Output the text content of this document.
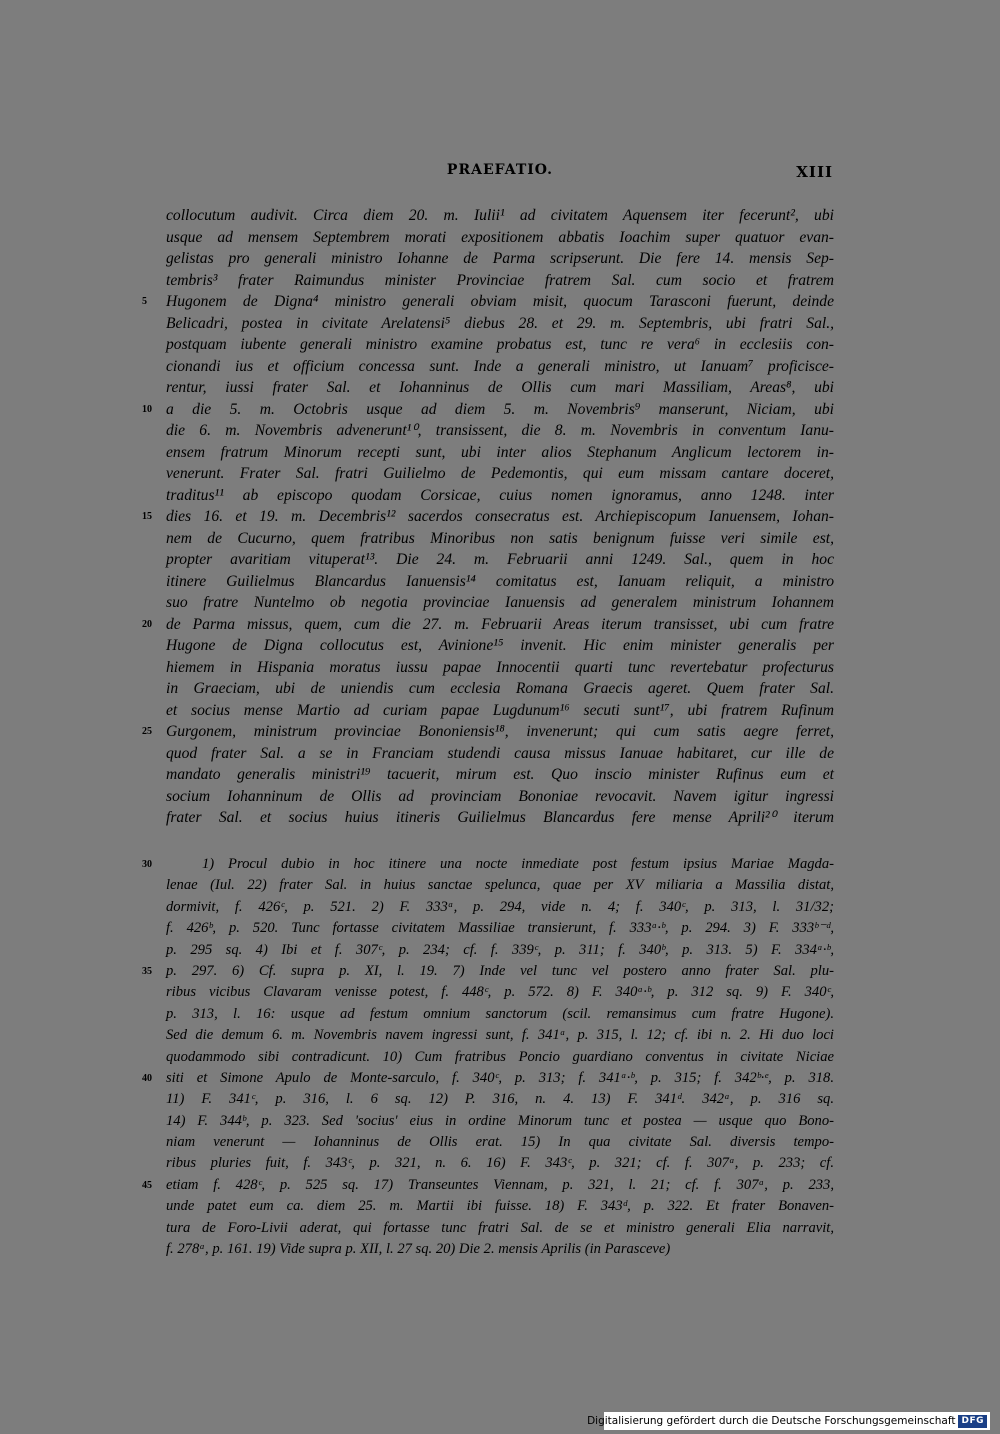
PRAEFATIO.	XIII
collocutum audivit. Circa diem 20. m. Iulii¹ ad civitatem Aquensem iter fecerunt², ubi
usque ad mensem Septembrem morati expositionem abbatis Ioachim super quatuor evan-
gelistas pro generali ministro Iohanne de Parma scripserunt. Die fere 14. mensis Sep-
tembris³ frater Raimundus minister Provinciae fratrem Sal. cum socio et fratrem
5 Hugonem de Digna⁴ ministro generali obviam misit, quocum Tarasconi fuerunt, deinde
Belicadri, postea in civitate Arelatensi⁵ diebus 28. et 29. m. Septembris, ubi fratri Sal.,
postquam iubente generali ministro examine probatus est, tunc re vera⁶ in ecclesiis con-
cionandi ius et officium concessa sunt. Inde a generali ministro, ut Ianuam⁷ proficisce-
rentur, iussi frater Sal. et Iohanninus de Ollis cum mari Massiliam, Areas⁸, ubi
10 a die 5. m. Octobris usque ad diem 5. m. Novembris⁹ manserunt, Niciam, ubi
die 6. m. Novembris advenerunt¹⁰, transissent, die 8. m. Novembris in conventum Ianu-
ensem fratrum Minorum recepti sunt, ubi inter alios Stephanum Anglicum lectorem in-
venerunt. Frater Sal. fratri Guilielmo de Pedemontis, qui eum missam cantare doceret,
traditus¹¹ ab episcopo quodam Corsicae, cuius nomen ignoramus, anno 1248. inter
15 dies 16. et 19. m. Decembris¹² sacerdos consecratus est. Archiepiscopum Ianuensem, Iohan-
nem de Cucurno, quem fratribus Minoribus non satis benignum fuisse veri simile est,
propter avaritiam vituperat¹³. Die 24. m. Februarii anni 1249. Sal., quem in hoc
itinere Guilielmus Blancardus Ianuensis¹⁴ comitatus est, Ianuam reliquit, a ministro
suo fratre Nuntelmo ob negotia provinciae Ianuensis ad generalem ministrum Iohannem
20 de Parma missus, quem, cum die 27. m. Februarii Areas iterum transisset, ubi cum fratre
Hugone de Digna collocutus est, Avinione¹⁵ invenit. Hic enim minister generalis per
hiemem in Hispania moratus iussu papae Innocentii quarti tunc revertebatur profecturus
in Graeciam, ubi de uniendis cum ecclesia Romana Graecis ageret. Quem frater Sal.
et socius mense Martio ad curiam papae Lugdunum¹⁶ secuti sunt¹⁷, ubi fratrem Rufinum
25 Gurgonem, ministrum provinciae Bononiensis¹⁸, invenerunt; qui cum satis aegre ferret,
quod frater Sal. a se in Franciam studendi causa missus Ianuae habitaret, cur ille de
mandato generalis ministri¹⁹ tacuerit, mirum est. Quo inscio minister Rufinus eum et
socium Iohanninum de Ollis ad provinciam Bononiae revocavit. Navem igitur ingressi
frater Sal. et socius huius itineris Guilielmus Blancardus fere mense Aprili²⁰ iterum
30	1) Procul dubio in hoc itinere una nocte inmediate post festum ipsius Mariae Magda-
lenae (Iul. 22) frater Sal. in huius sanctae spelunca, quae per XV miliaria a Massilia distat,
dormivit, f. 426ᶜ, p. 521. 2) F. 333ᵃ, p. 294, vide n. 4; f. 340ᶜ, p. 313, l. 31/32;
f. 426ᵇ, p. 520. Tunc fortasse civitatem Massiliae transierunt, f. 333ᵃ·ᵇ, p. 294. 3) F. 333ᵇ⁻ᵈ,
p. 295 sq. 4) Ibi et f. 307ᶜ, p. 234; cf. f. 339ᶜ, p. 311; f. 340ᵇ, p. 313. 5) F. 334ᵃ·ᵇ,
35 p. 297. 6) Cf. supra p. XI, l. 19. 7) Inde vel tunc vel postero anno frater Sal. plu-
ribus vicibus Clavaram venisse potest, f. 448ᶜ, p. 572. 8) F. 340ᵃ·ᵇ, p. 312 sq. 9) F. 340ᶜ,
p. 313, l. 16: usque ad festum omnium sanctorum (scil. remansimus cum fratre Hugone).
Sed die demum 6. m. Novembris navem ingressi sunt, f. 341ᵃ, p. 315, l. 12; cf. ibi n. 2. Hi duo loci
quodammodo sibi contradicunt. 10) Cum fratribus Poncio guardiano conventus in civitate Niciae
40 siti et Simone Apulo de Monte-sarculo, f. 340ᶜ, p. 313; f. 341ᵃ·ᵇ, p. 315; f. 342ᵇ·ᵉ, p. 318.
11) F. 341ᶜ, p. 316, l. 6 sq. 12) P. 316, n. 4. 13) F. 341ᵈ. 342ᵃ, p. 316 sq.
14) F. 344ᵇ, p. 323. Sed 'socius' eius in ordine Minorum tunc et postea — usque quo Bono-
niam venerunt — Iohanninus de Ollis erat. 15) In qua civitate Sal. diversis tempo-
ribus pluries fuit, f. 343ᶜ, p. 321, n. 6. 16) F. 343ᶜ, p. 321; cf. f. 307ᵃ, p. 233; cf.
45 etiam f. 428ᶜ, p. 525 sq. 17) Transeuntes Viennam, p. 321, l. 21; cf. f. 307ᵃ, p. 233,
unde patet eum ca. diem 25. m. Martii ibi fuisse. 18) F. 343ᵈ, p. 322. Et frater Bonaven-
tura de Foro-Livii aderat, qui fortasse tunc fratri Sal. de se et ministro generali Elia narravit,
f. 278ᵃ, p. 161. 19) Vide supra p. XII, l. 27 sq. 20) Die 2. mensis Aprilis (in Parasceve)
Digitalisierung gefördert durch die Deutsche Forschungsgemeinschaft DFG
